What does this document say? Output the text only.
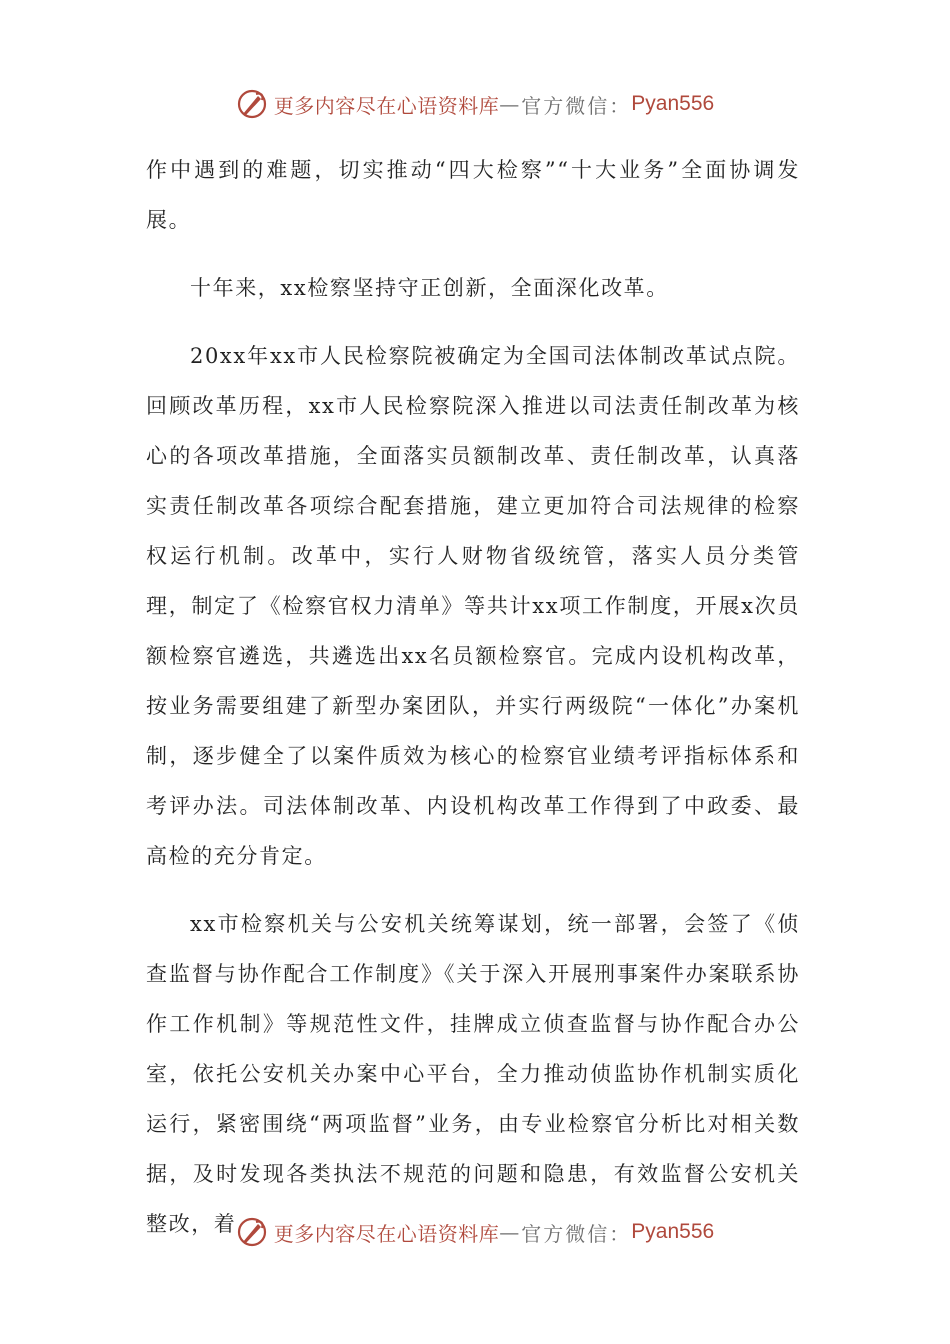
更多内容尽在心语资料库 — 官方微信： Pyan556

作中遇到的难题，切实推动“四大检察”“十大业务”全面协调发展。

十年来，xx检察坚持守正创新，全面深化改革。

20xx年xx市人民检察院被确定为全国司法体制改革试点院。回顾改革历程，xx市人民检察院深入推进以司法责任制改革为核心的各项改革措施，全面落实员额制改革、责任制改革，认真落实责任制改革各项综合配套措施，建立更加符合司法规律的检察权运行机制。改革中，实行人财物省级统管，落实人员分类管理，制定了《检察官权力清单》等共计xx项工作制度，开展x次员额检察官遴选，共遴选出xx名员额检察官。完成内设机构改革，按业务需要组建了新型办案团队，并实行两级院“一体化”办案机制，逐步健全了以案件质效为核心的检察官业绩考评指标体系和考评办法。司法体制改革、内设机构改革工作得到了中政委、最高检的充分肯定。

xx市检察机关与公安机关统筹谋划，统一部署，会签了《侦查监督与协作配合工作制度》《关于深入开展刑事案件办案联系协作工作机制》等规范性文件，挂牌成立侦查监督与协作配合办公室，依托公安机关办案中心平台，全力推动侦监协作机制实质化运行，紧密围绕“两项监督”业务，由专业检察官分析比对相关数据，及时发现各类执法不规范的问题和隐患，有效监督公安机关整改，着	更多内容尽在心语资料库 — 官方微信： Pyan556
